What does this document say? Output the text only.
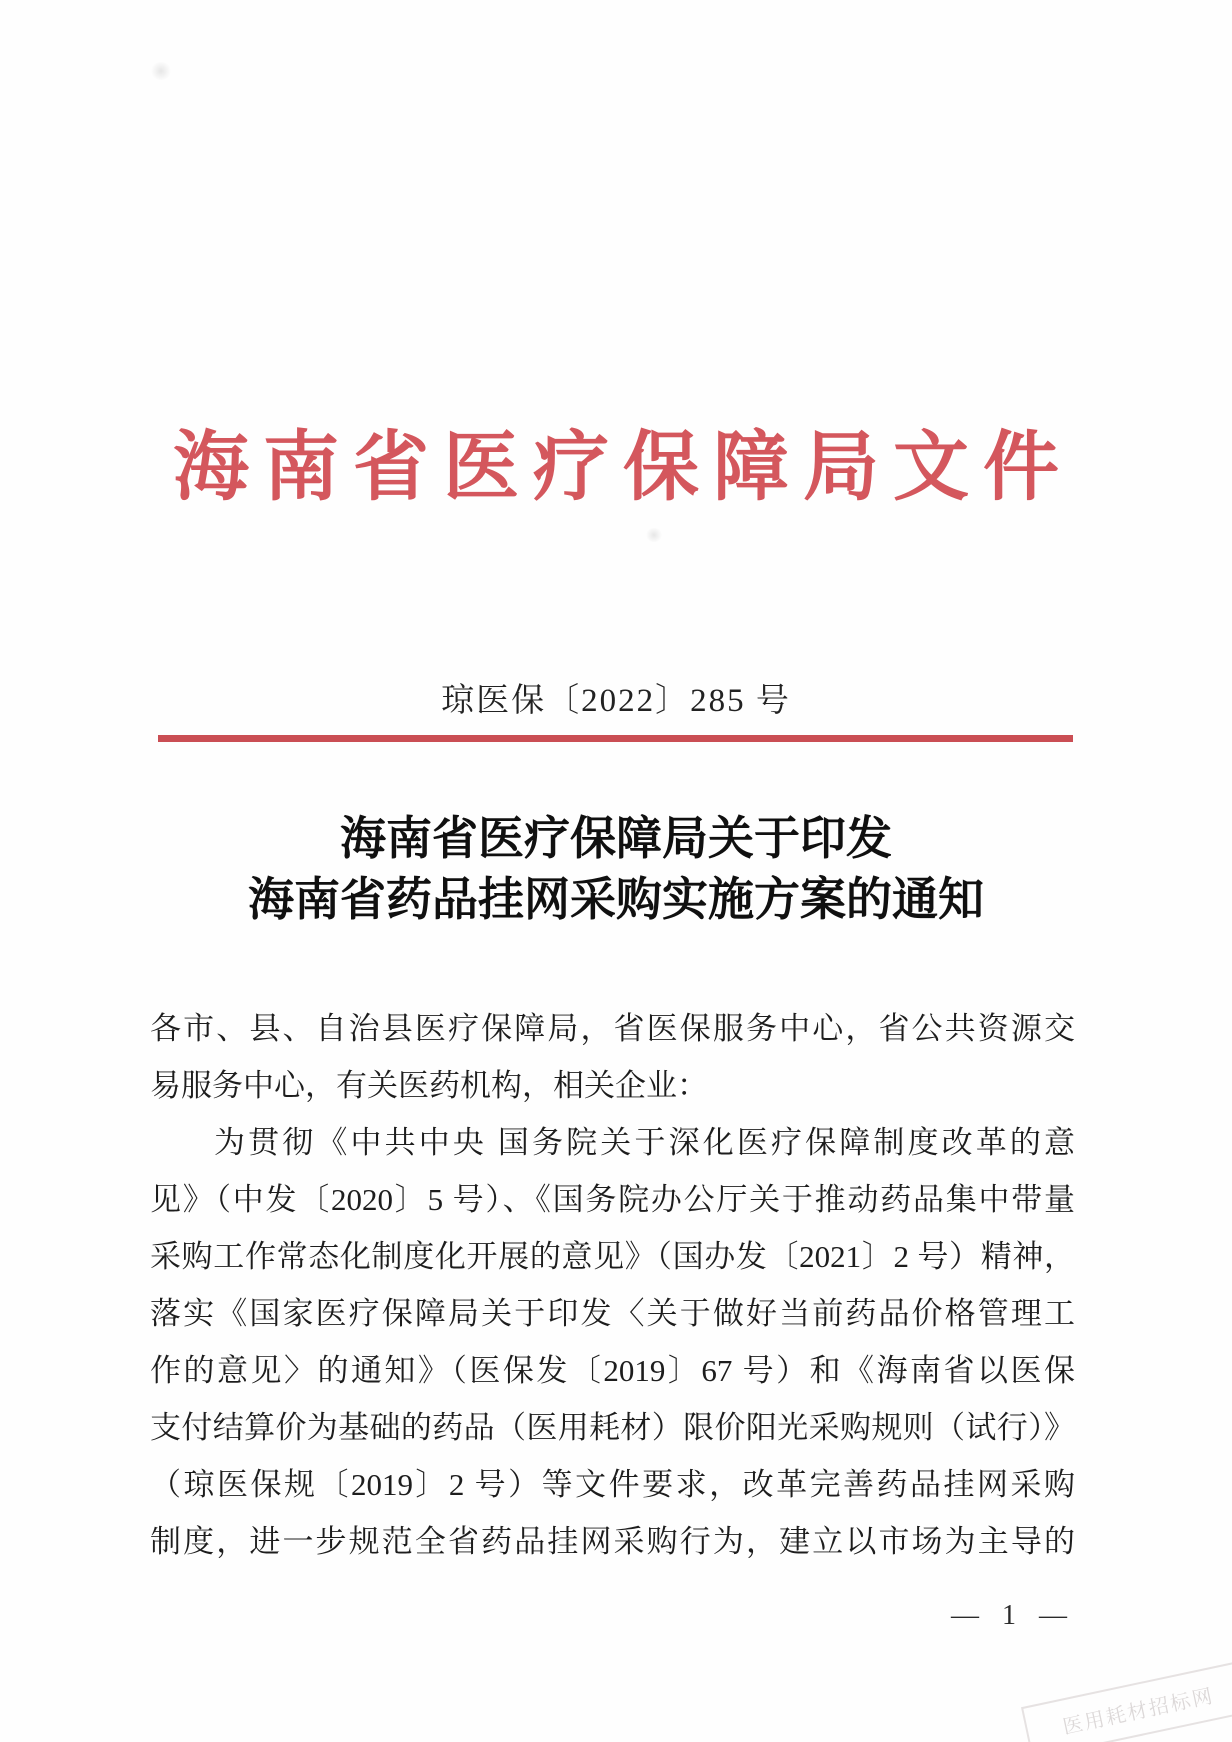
海南省医疗保障局文件
琼医保〔2022〕285 号
海南省医疗保障局关于印发
海南省药品挂网采购实施方案的通知
各市、县、自治县医疗保障局，省医保服务中心，省公共资源交
易服务中心，有关医药机构，相关企业：
为贯彻《中共中央 国务院关于深化医疗保障制度改革的意
见》（中发〔2020〕5 号）、《国务院办公厅关于推动药品集中带量
采购工作常态化制度化开展的意见》（国办发〔2021〕2 号）精神，
落实《国家医疗保障局关于印发〈关于做好当前药品价格管理工
作的意见〉的通知》（医保发〔2019〕67 号）和《海南省以医保
支付结算价为基础的药品（医用耗材）限价阳光采购规则（试行）》
（琼医保规〔2019〕2 号）等文件要求，改革完善药品挂网采购
制度，进一步规范全省药品挂网采购行为，建立以市场为主导的
— 1 —
医用耗材招标网
